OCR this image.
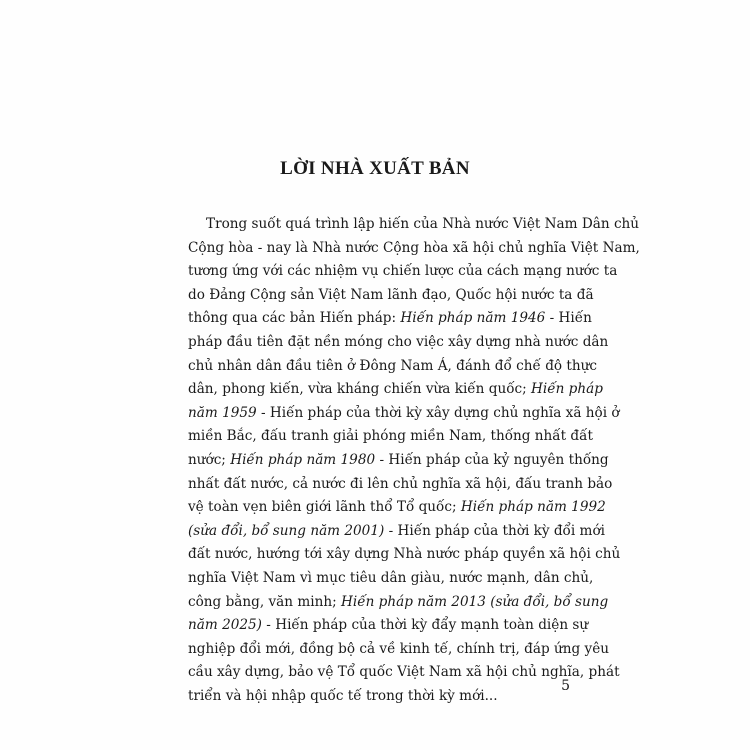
LỜI NHÀ XUẤT BẢN
Trong suốt quá trình lập hiến của Nhà nước Việt Nam Dân chủ
Cộng hòa - nay là Nhà nước Cộng hòa xã hội chủ nghĩa Việt Nam,
tương ứng với các nhiệm vụ chiến lược của cách mạng nước ta
do Đảng Cộng sản Việt Nam lãnh đạo, Quốc hội nước ta đã
thông qua các bản Hiến pháp: Hiến pháp năm 1946 - Hiến
pháp đầu tiên đặt nền móng cho việc xây dựng nhà nước dân
chủ nhân dân đầu tiên ở Đông Nam Á, đánh đổ chế độ thực
dân, phong kiến, vừa kháng chiến vừa kiến quốc; Hiến pháp
năm 1959 - Hiến pháp của thời kỳ xây dựng chủ nghĩa xã hội ở
miền Bắc, đấu tranh giải phóng miền Nam, thống nhất đất
nước; Hiến pháp năm 1980 - Hiến pháp của kỷ nguyên thống
nhất đất nước, cả nước đi lên chủ nghĩa xã hội, đấu tranh bảo
vệ toàn vẹn biên giới lãnh thổ Tổ quốc; Hiến pháp năm 1992
(sửa đổi, bổ sung năm 2001) - Hiến pháp của thời kỳ đổi mới
đất nước, hướng tới xây dựng Nhà nước pháp quyền xã hội chủ
nghĩa Việt Nam vì mục tiêu dân giàu, nước mạnh, dân chủ,
công bằng, văn minh; Hiến pháp năm 2013 (sửa đổi, bổ sung
năm 2025) - Hiến pháp của thời kỳ đẩy mạnh toàn diện sự
nghiệp đổi mới, đồng bộ cả về kinh tế, chính trị, đáp ứng yêu
cầu xây dựng, bảo vệ Tổ quốc Việt Nam xã hội chủ nghĩa, phát
triển và hội nhập quốc tế trong thời kỳ mới...
5
